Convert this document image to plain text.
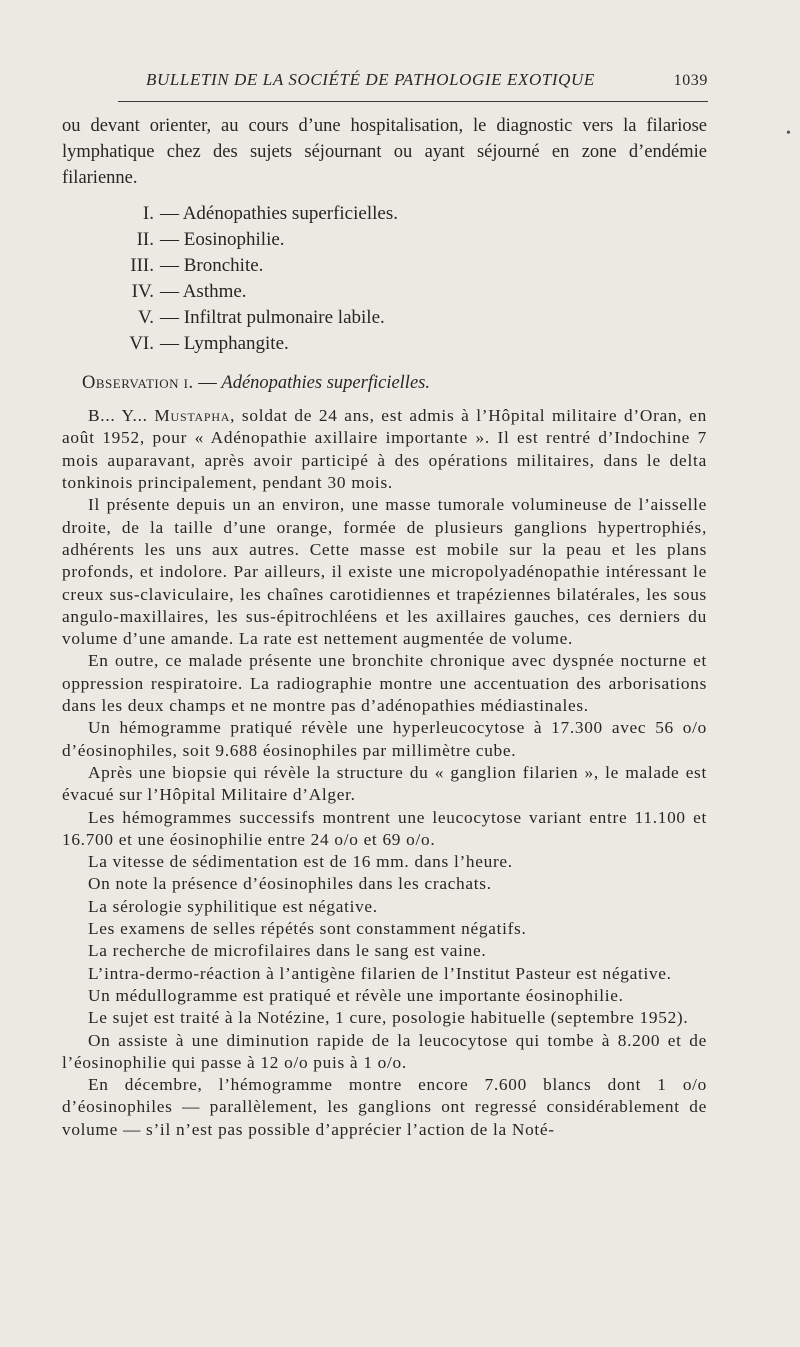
BULLETIN DE LA SOCIÉTÉ DE PATHOLOGIE EXOTIQUE	1039
•
ou devant orienter, au cours d’une hospitalisation, le diagnostic vers la filariose lymphatique chez des sujets séjournant ou ayant séjourné en zone d’endémie filarienne.
I. — Adénopathies superficielles.
II. — Eosinophilie.
III. — Bronchite.
IV. — Asthme.
V. — Infiltrat pulmonaire labile.
VI. — Lymphangite.
Observation i. — Adénopathies superficielles.
B... Y... Mustapha, soldat de 24 ans, est admis à l’Hôpital militaire d’Oran, en août 1952, pour « Adénopathie axillaire importante ». Il est rentré d’Indochine 7 mois auparavant, après avoir participé à des opérations militaires, dans le delta tonkinois principalement, pendant 30 mois.
Il présente depuis un an environ, une masse tumorale volumineuse de l’aisselle droite, de la taille d’une orange, formée de plusieurs ganglions hypertrophiés, adhérents les uns aux autres. Cette masse est mobile sur la peau et les plans profonds, et indolore. Par ailleurs, il existe une micropolyadénopathie intéressant le creux sus-claviculaire, les chaînes carotidiennes et trapéziennes bilatérales, les sous angulo-maxillaires, les sus-épitrochléens et les axillaires gauches, ces derniers du volume d’une amande. La rate est nettement augmentée de volume.
En outre, ce malade présente une bronchite chronique avec dyspnée nocturne et oppression respiratoire. La radiographie montre une accentuation des arborisations dans les deux champs et ne montre pas d’adénopathies médiastinales.
Un hémogramme pratiqué révèle une hyperleucocytose à 17.300 avec 56 o/o d’éosinophiles, soit 9.688 éosinophiles par millimètre cube.
Après une biopsie qui révèle la structure du « ganglion filarien », le malade est évacué sur l’Hôpital Militaire d’Alger.
Les hémogrammes successifs montrent une leucocytose variant entre 11.100 et 16.700 et une éosinophilie entre 24 o/o et 69 o/o.
La vitesse de sédimentation est de 16 mm. dans l’heure.
On note la présence d’éosinophiles dans les crachats.
La sérologie syphilitique est négative.
Les examens de selles répétés sont constamment négatifs.
La recherche de microfilaires dans le sang est vaine.
L’intra-dermo-réaction à l’antigène filarien de l’Institut Pasteur est négative.
Un médullogramme est pratiqué et révèle une importante éosinophilie.
Le sujet est traité à la Notézine, 1 cure, posologie habituelle (septembre 1952).
On assiste à une diminution rapide de la leucocytose qui tombe à 8.200 et de l’éosinophilie qui passe à 12 o/o puis à 1 o/o.
En décembre, l’hémogramme montre encore 7.600 blancs dont 1 o/o d’éosinophiles — parallèlement, les ganglions ont regressé considérablement de volume — s’il n’est pas possible d’apprécier l’action de la Noté-
